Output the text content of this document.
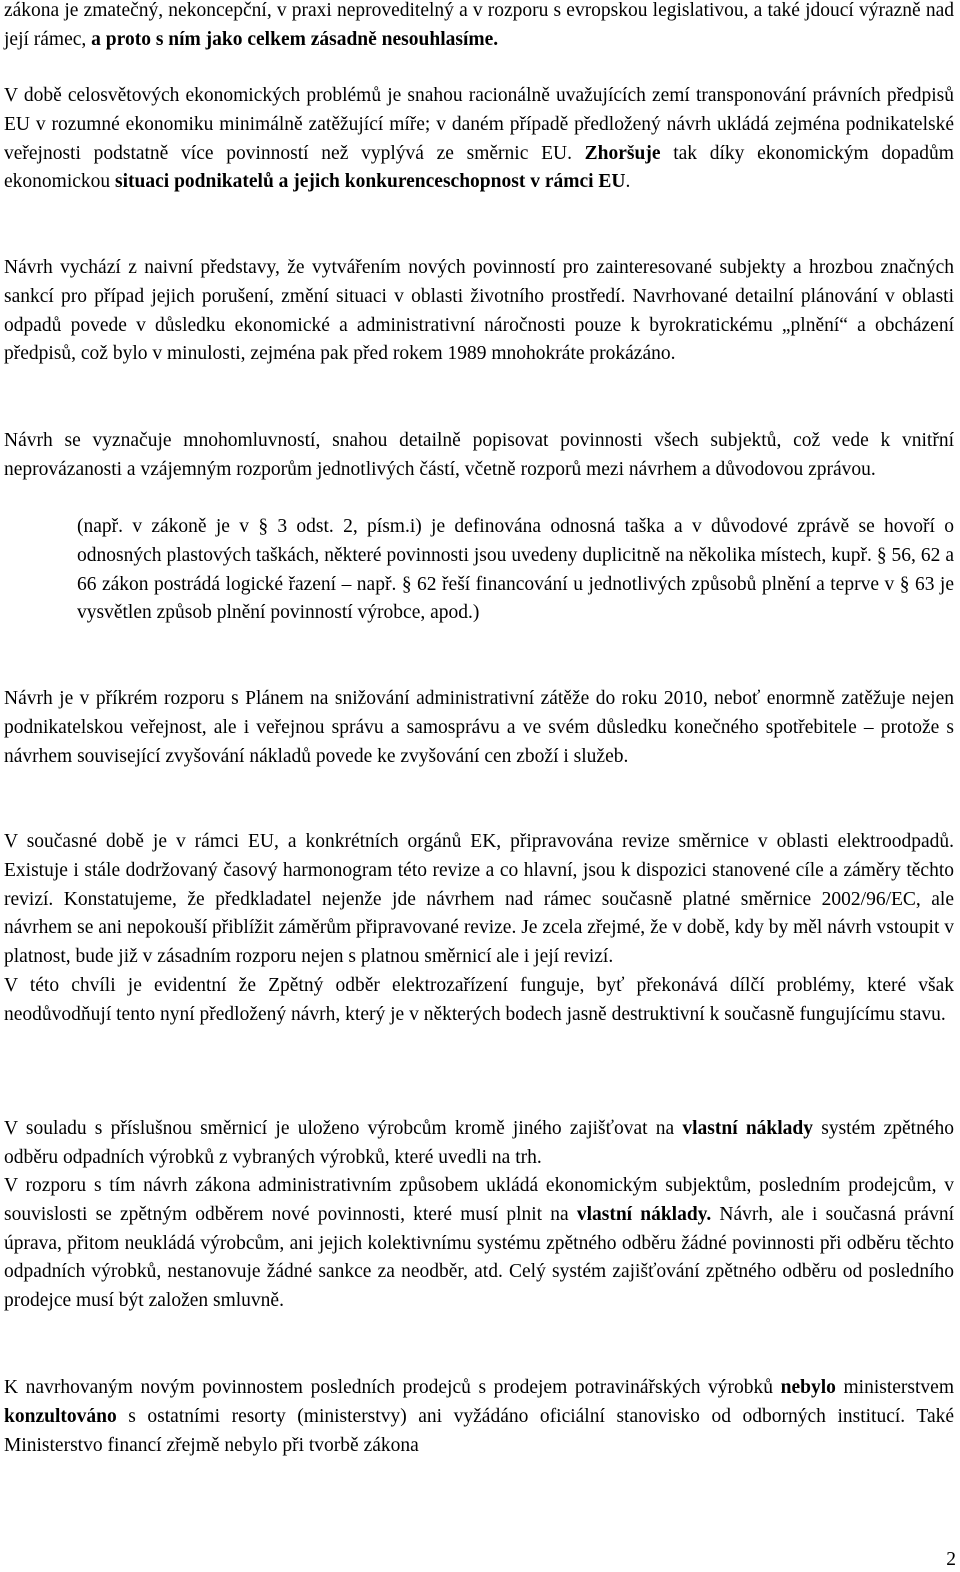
zákona je zmatečný, nekoncepční, v praxi neproveditelný a v rozporu s evropskou legislativou, a také jdoucí výrazně nad její rámec, a proto s ním jako celkem zásadně nesouhlasíme.

V době celosvětových ekonomických problémů je snahou racionálně uvažujících zemí transponování právních předpisů EU v rozumné ekonomiku minimálně zatěžující míře; v daném případě předložený návrh ukládá zejména podnikatelské veřejnosti podstatně více povinností než vyplývá ze směrnic EU. Zhoršuje tak díky ekonomickým dopadům ekonomickou situaci podnikatelů a jejich konkurenceschopnost v rámci EU.

Návrh vychází z naivní představy, že vytvářením nových povinností pro zainteresované subjekty a hrozbou značných sankcí pro případ jejich porušení, změní situaci v oblasti životního prostředí. Navrhované detailní plánování v oblasti odpadů povede v důsledku ekonomické a administrativní náročnosti pouze k byrokratickému „plnění“ a obcházení předpisů, což bylo v minulosti, zejména pak před rokem 1989 mnohokráte prokázáno.

Návrh se vyznačuje mnohomluvností, snahou detailně popisovat povinnosti všech subjektů, což vede k vnitřní neprovázanosti a vzájemným rozporům jednotlivých částí, včetně rozporů mezi návrhem a důvodovou zprávou.

(např. v zákoně je v § 3 odst. 2, písm.i) je definována odnosná taška a v důvodové zprávě se hovoří o odnosných plastových taškách, některé povinnosti jsou uvedeny duplicitně na několika místech, kupř. § 56, 62 a 66 zákon postrádá logické řazení – např. § 62 řeší financování u jednotlivých způsobů plnění a teprve v § 63 je vysvětlen způsob plnění povinností výrobce, apod.)

Návrh je v příkrém rozporu s Plánem na snižování administrativní zátěže do roku 2010, neboť enormně zatěžuje nejen podnikatelskou veřejnost, ale i veřejnou správu a samosprávu a ve svém důsledku konečného spotřebitele – protože s návrhem související zvyšování nákladů povede ke zvyšování cen zboží i služeb.

V současné době je v rámci EU, a konkrétních orgánů EK, připravována revize směrnice v oblasti elektroodpadů. Existuje i stále dodržovaný časový harmonogram této revize a co hlavní, jsou k dispozici stanovené cíle a záměry těchto revizí. Konstatujeme, že předkladatel nejenže jde návrhem nad rámec současně platné směrnice 2002/96/EC, ale návrhem se ani nepokouší přiblížit záměrům připravované revize. Je zcela zřejmé, že v době, kdy by měl návrh vstoupit v platnost, bude již v zásadním rozporu nejen s platnou směrnicí ale i její revizí.

V této chvíli je evidentní že Zpětný odběr elektrozařízení funguje, byť překonává dílčí problémy, které však neodůvodňují tento nyní předložený návrh, který je v některých bodech jasně destruktivní k současně fungujícímu stavu.

V souladu s příslušnou směrnicí je uloženo výrobcům kromě jiného zajišťovat na vlastní náklady systém zpětného odběru odpadních výrobků z vybraných výrobků, které uvedli na trh.

V rozporu s tím návrh zákona administrativním způsobem ukládá ekonomickým subjektům, posledním prodejcům, v souvislosti se zpětným odběrem nové povinnosti, které musí plnit na vlastní náklady. Návrh, ale i současná právní úprava, přitom neukládá výrobcům, ani jejich kolektivnímu systému zpětného odběru žádné povinnosti při odběru těchto odpadních výrobků, nestanovuje žádné sankce za neodběr, atd. Celý systém zajišťování zpětného odběru od posledního prodejce musí být založen smluvně.

K navrhovaným novým povinnostem posledních prodejců s prodejem potravinářských výrobků nebylo ministerstvem konzultováno s ostatními resorty (ministerstvy) ani vyžádáno oficiální stanovisko od odborných institucí. Také Ministerstvo financí zřejmě nebylo při tvorbě zákona

2
